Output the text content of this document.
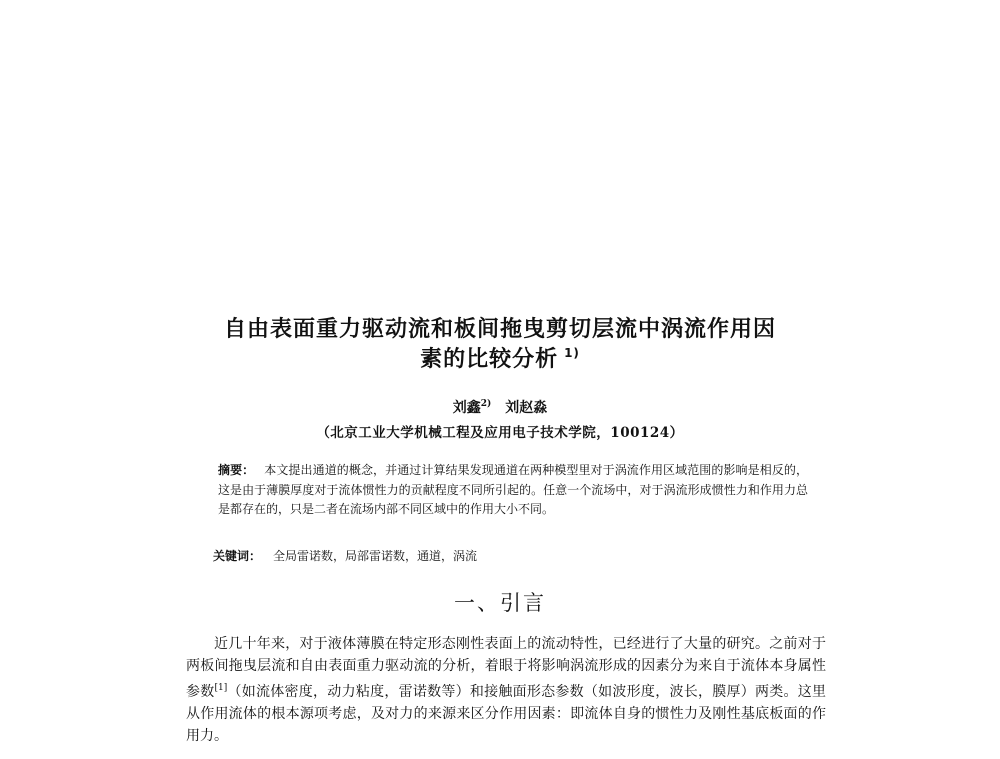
自由表面重力驱动流和板间拖曳剪切层流中涡流作用因
素的比较分析 $^{1)}$
刘鑫$^{2)}$ 刘赵淼
（北京工业大学机械工程及应用电子技术学院，100124）
摘要： 本文提出通道的概念，并通过计算结果发现通道在两种模型里对于涡流作用区域范围的影响是相反的，这是由于薄膜厚度对于流体惯性力的贡献程度不同所引起的。任意一个流场中，对于涡流形成惯性力和作用力总是都存在的，只是二者在流场内部不同区域中的作用大小不同。
关键词： 全局雷诺数，局部雷诺数，通道，涡流
一、引言

近几十年来，对于液体薄膜在特定形态刚性表面上的流动特性，已经进行了大量的研究。之前对于两板间拖曳层流和自由表面重力驱动流的分析，着眼于将影响涡流形成的因素分为来自于流体本身属性参数[1]（如流体密度，动力粘度，雷诺数等）和接触面形态参数（如波形度，波长，膜厚）两类。这里从作用流体的根本源项考虑，及对力的来源来区分作用因素：即流体自身的惯性力及刚性基底板面的作用力。
